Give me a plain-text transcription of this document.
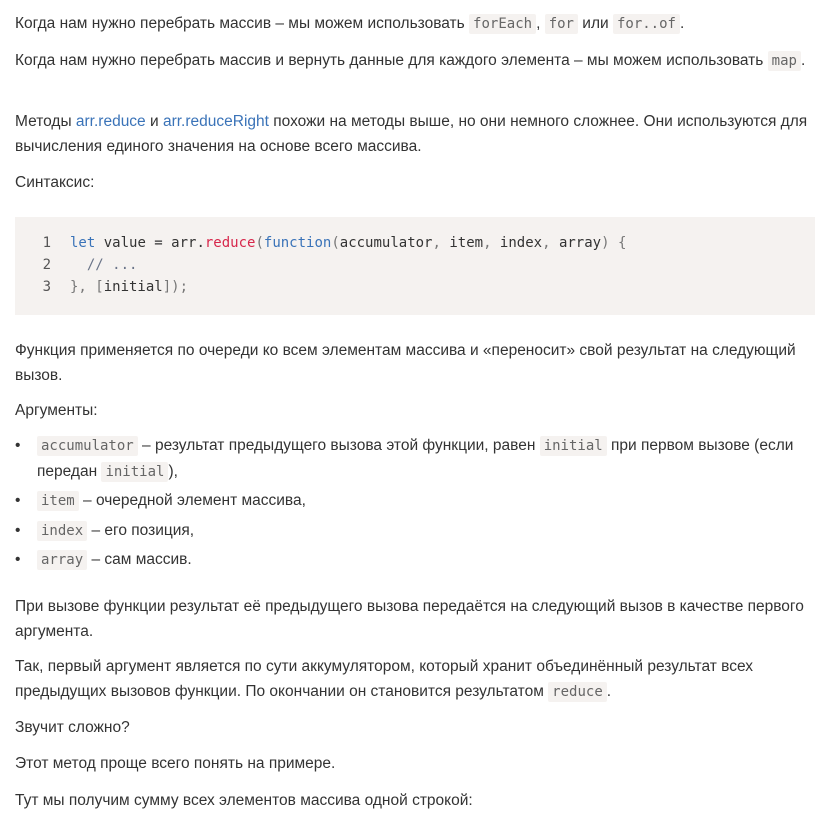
Когда нам нужно перебрать массив – мы можем использовать forEach , for или for..of .

Когда нам нужно перебрать массив и вернуть данные для каждого элемента – мы можем использовать map .

Методы arr.reduce и arr.reduceRight похожи на методы выше, но они немного сложнее. Они используются для вычисления единого значения на основе всего массива.

Синтаксис:

1	let value = arr. reduce ( function ( accumulator , item , index , array ) {
2	// ...
3	}, [ initial ]);

Функция применяется по очереди ко всем элементам массива и «переносит» свой результат на следующий вызов.

Аргументы:

• accumulator – результат предыдущего вызова этой функции, равен initial при первом вызове (если передан initial ),
• item – очередной элемент массива,
• index – его позиция,
• array – сам массив.

При вызове функции результат её предыдущего вызова передаётся на следующий вызов в качестве первого аргумента.

Так, первый аргумент является по сути аккумулятором, который хранит объединённый результат всех предыдущих вызовов функции. По окончании он становится результатом reduce .

Звучит сложно?

Этот метод проще всего понять на примере.

Тут мы получим сумму всех элементов массива одной строкой:
